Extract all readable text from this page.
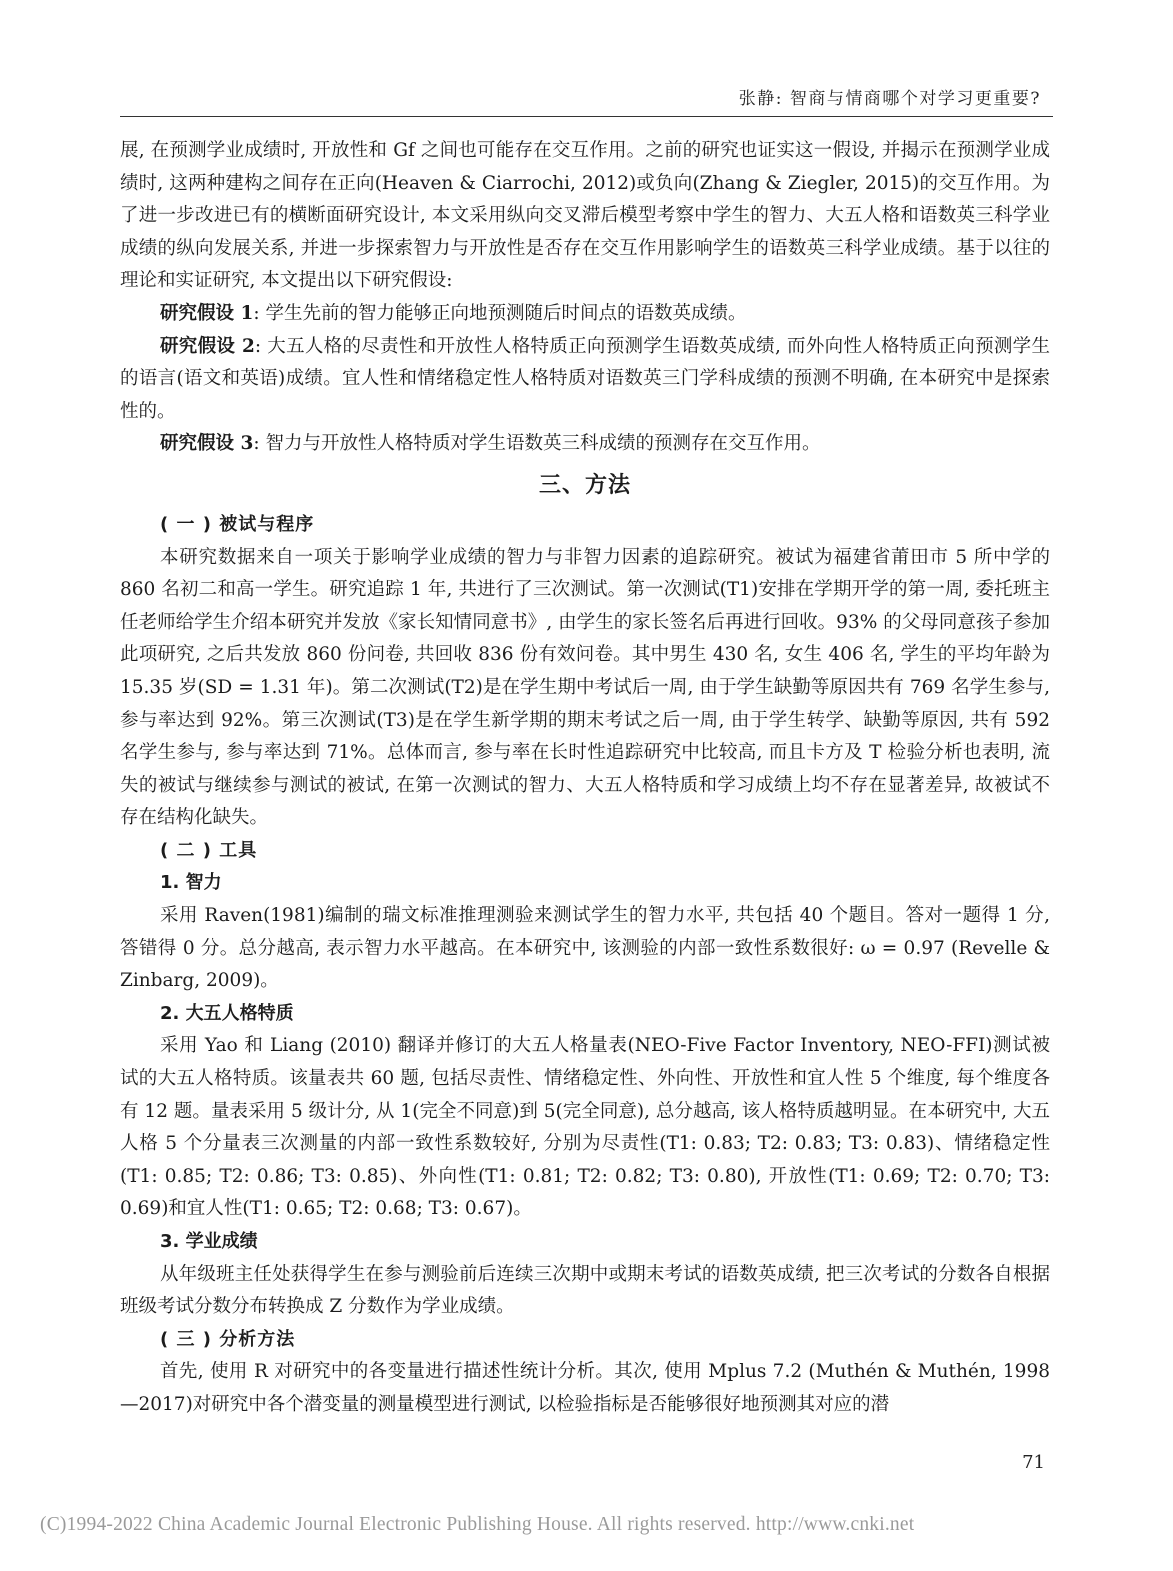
张静: 智商与情商哪个对学习更重要?

展, 在预测学业成绩时, 开放性和 Gf 之间也可能存在交互作用。之前的研究也证实这一假设, 并揭示在预测学业成绩时, 这两种建构之间存在正向(Heaven & Ciarrochi, 2012)或负向(Zhang & Ziegler, 2015)的交互作用。为了进一步改进已有的横断面研究设计, 本文采用纵向交叉滞后模型考察中学生的智力、大五人格和语数英三科学业成绩的纵向发展关系, 并进一步探索智力与开放性是否存在交互作用影响学生的语数英三科学业成绩。基于以往的理论和实证研究, 本文提出以下研究假设:

研究假设 1: 学生先前的智力能够正向地预测随后时间点的语数英成绩。

研究假设 2: 大五人格的尽责性和开放性人格特质正向预测学生语数英成绩, 而外向性人格特质正向预测学生的语言(语文和英语)成绩。宜人性和情绪稳定性人格特质对语数英三门学科成绩的预测不明确, 在本研究中是探索性的。

研究假设 3: 智力与开放性人格特质对学生语数英三科成绩的预测存在交互作用。

三、方法
( 一 ) 被试与程序

本研究数据来自一项关于影响学业成绩的智力与非智力因素的追踪研究。被试为福建省莆田市 5 所中学的 860 名初二和高一学生。研究追踪 1 年, 共进行了三次测试。第一次测试(T1)安排在学期开学的第一周, 委托班主任老师给学生介绍本研究并发放《家长知情同意书》, 由学生的家长签名后再进行回收。93% 的父母同意孩子参加此项研究, 之后共发放 860 份问卷, 共回收 836 份有效问卷。其中男生 430 名, 女生 406 名, 学生的平均年龄为 15.35 岁(SD = 1.31 年)。第二次测试(T2)是在学生期中考试后一周, 由于学生缺勤等原因共有 769 名学生参与, 参与率达到 92%。第三次测试(T3)是在学生新学期的期末考试之后一周, 由于学生转学、缺勤等原因, 共有 592 名学生参与, 参与率达到 71%。总体而言, 参与率在长时性追踪研究中比较高, 而且卡方及 T 检验分析也表明, 流失的被试与继续参与测试的被试, 在第一次测试的智力、大五人格特质和学习成绩上均不存在显著差异, 故被试不存在结构化缺失。

( 二 ) 工具
1. 智力

采用 Raven(1981)编制的瑞文标准推理测验来测试学生的智力水平, 共包括 40 个题目。答对一题得 1 分, 答错得 0 分。总分越高, 表示智力水平越高。在本研究中, 该测验的内部一致性系数很好: ω = 0.97 (Revelle & Zinbarg, 2009)。

2. 大五人格特质

采用 Yao 和 Liang (2010) 翻译并修订的大五人格量表(NEO-Five Factor Inventory, NEO-FFI)测试被试的大五人格特质。该量表共 60 题, 包括尽责性、情绪稳定性、外向性、开放性和宜人性 5 个维度, 每个维度各有 12 题。量表采用 5 级计分, 从 1(完全不同意)到 5(完全同意), 总分越高, 该人格特质越明显。在本研究中, 大五人格 5 个分量表三次测量的内部一致性系数较好, 分别为尽责性(T1: 0.83; T2: 0.83; T3: 0.83)、情绪稳定性(T1: 0.85; T2: 0.86; T3: 0.85)、外向性(T1: 0.81; T2: 0.82; T3: 0.80), 开放性(T1: 0.69; T2: 0.70; T3: 0.69)和宜人性(T1: 0.65; T2: 0.68; T3: 0.67)。

3. 学业成绩

从年级班主任处获得学生在参与测验前后连续三次期中或期末考试的语数英成绩, 把三次考试的分数各自根据班级考试分数分布转换成 Z 分数作为学业成绩。

( 三 ) 分析方法

首先, 使用 R 对研究中的各变量进行描述性统计分析。其次, 使用 Mplus 7.2 (Muthén & Muthén, 1998—2017)对研究中各个潜变量的测量模型进行测试, 以检验指标是否能够很好地预测其对应的潜

71
(C)1994-2022 China Academic Journal Electronic Publishing House. All rights reserved. http://www.cnki.net
